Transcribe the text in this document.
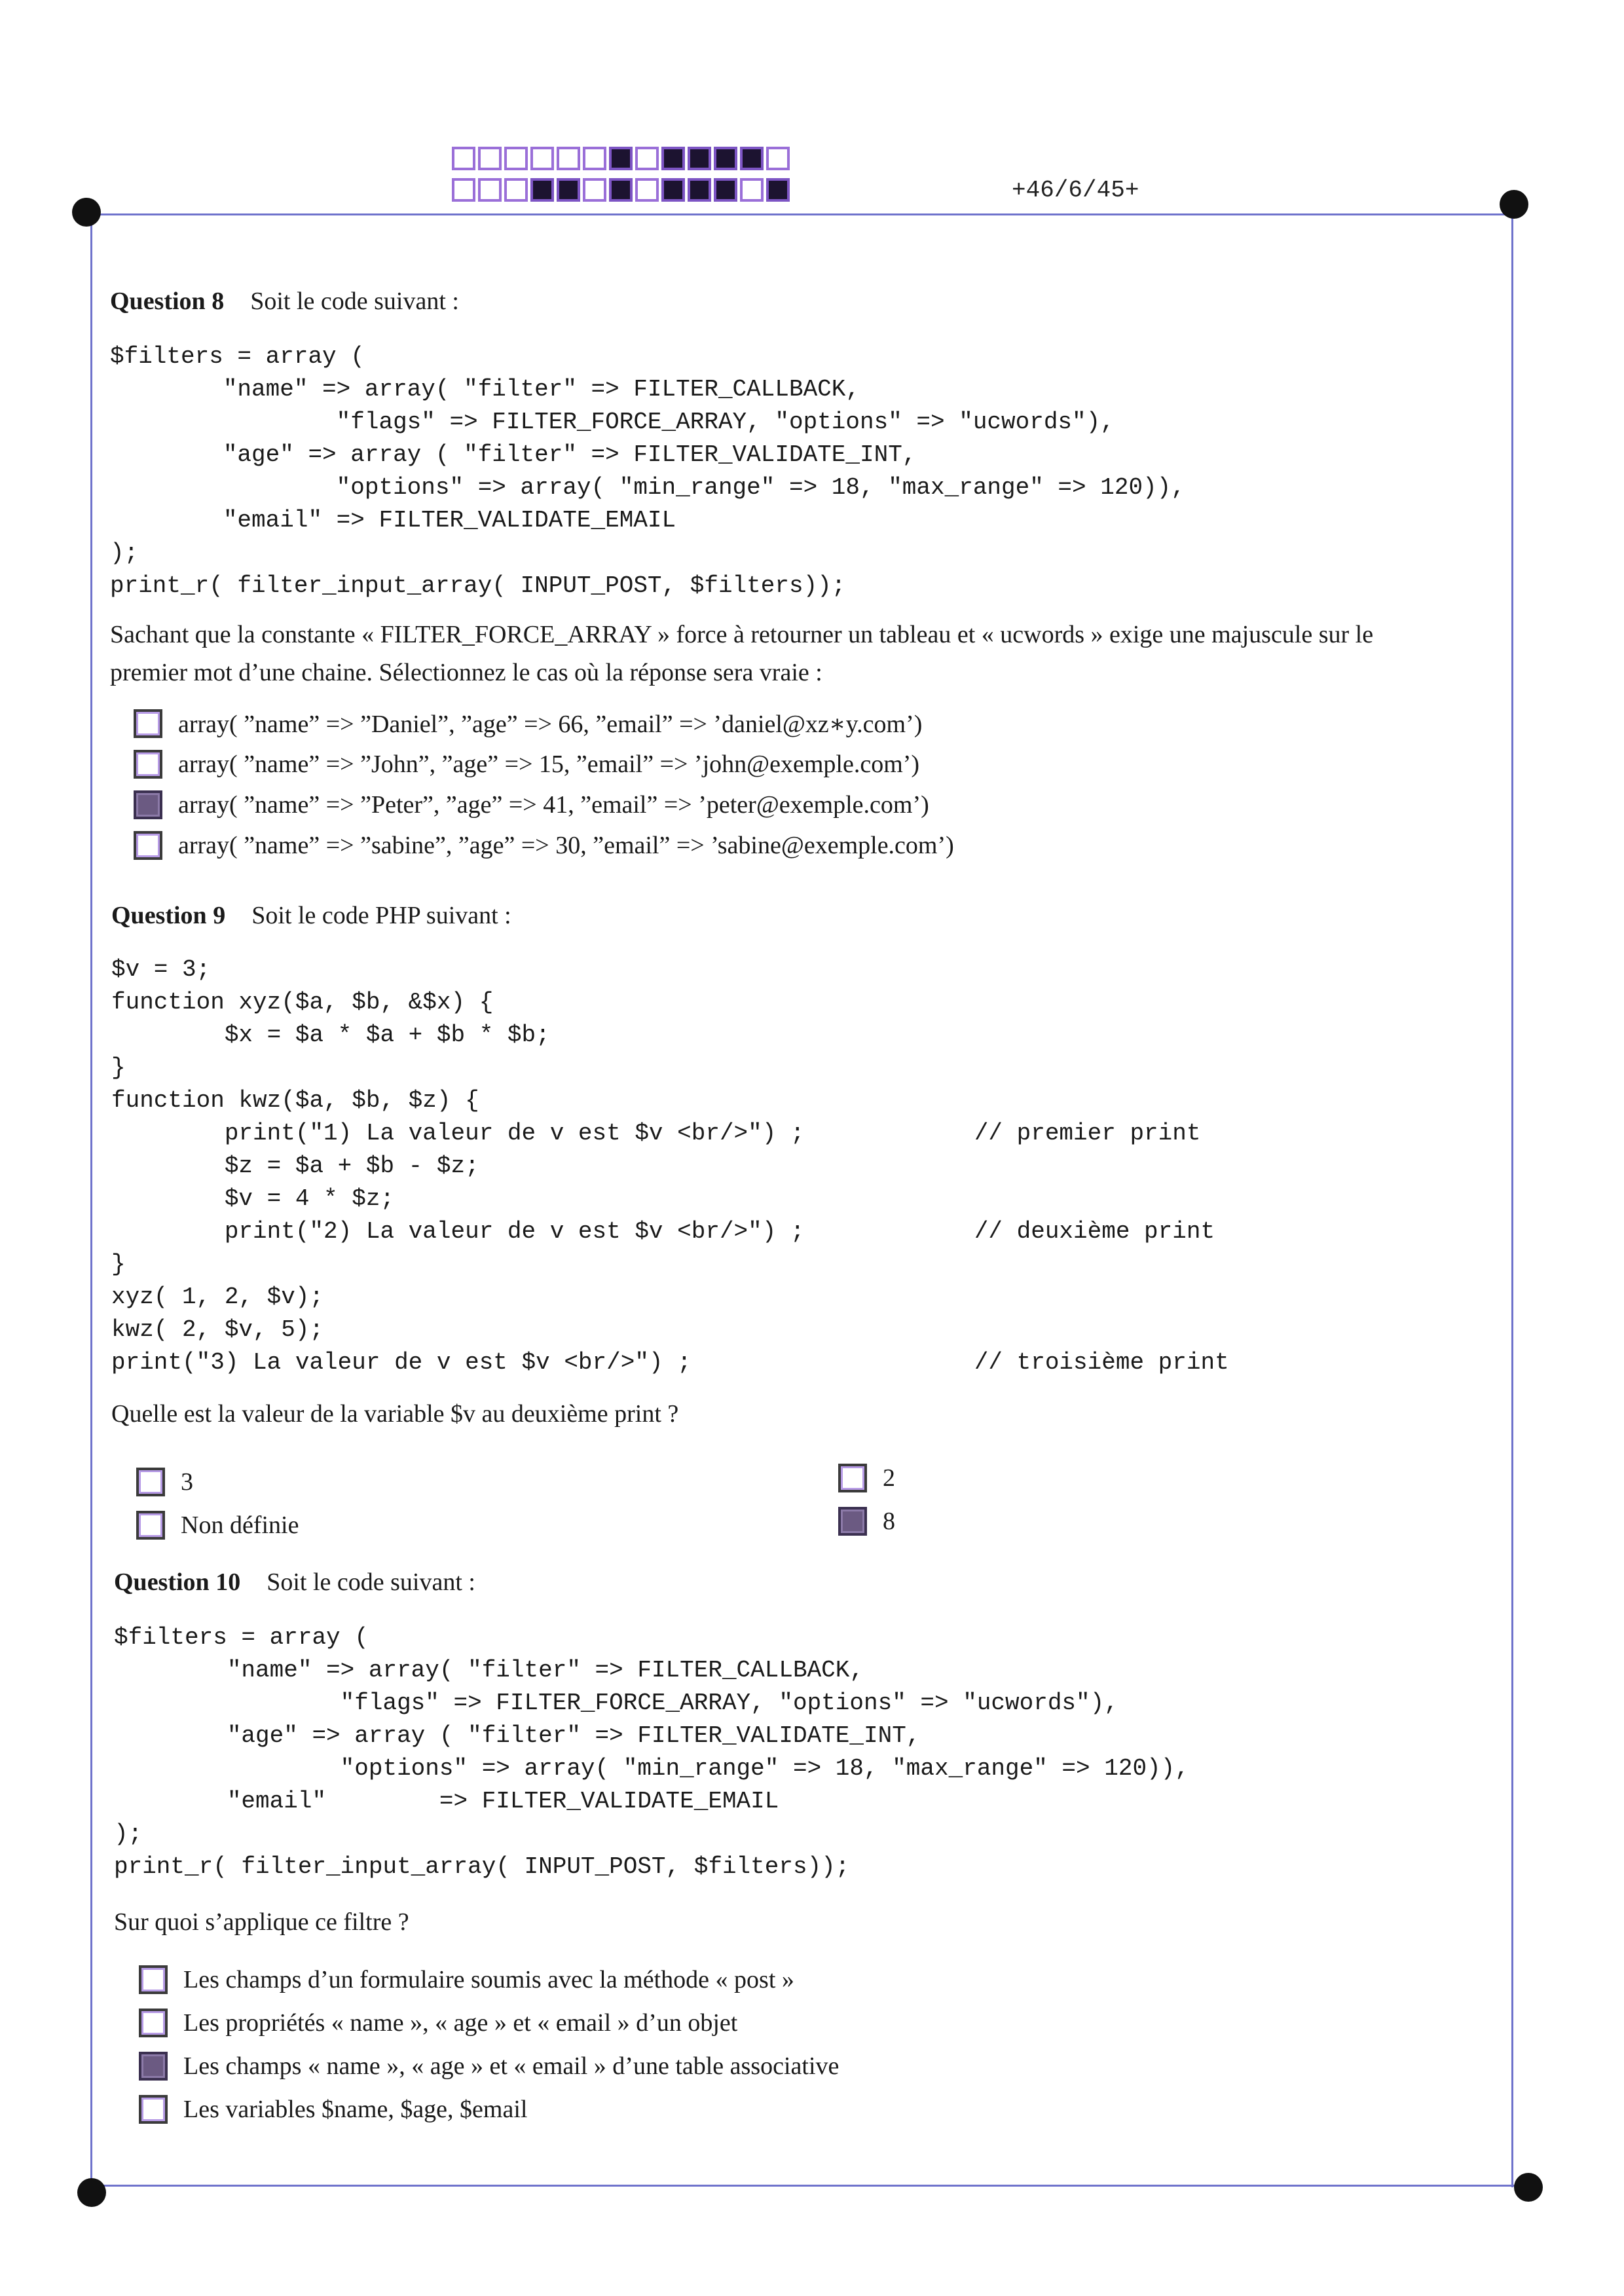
+46/6/45+
Question 8 Soit le code suivant :
$filters = array (
"name" => array( "filter" => FILTER_CALLBACK,
"flags" => FILTER_FORCE_ARRAY, "options" => "ucwords"),
"age" => array ( "filter" => FILTER_VALIDATE_INT,
"options" => array( "min_range" => 18, "max_range" => 120)),
"email" => FILTER_VALIDATE_EMAIL
);
print_r( filter_input_array( INPUT_POST, $filters));
Sachant que la constante « FILTER_FORCE_ARRAY » force à retourner un tableau et « ucwords » exige une majuscule sur le
premier mot d’une chaine. Sélectionnez le cas où la réponse sera vraie :
array( ”name” => ”Daniel”, ”age” => 66, ”email” => ’daniel@xz∗y.com’)
array( ”name” => ”John”, ”age” => 15, ”email” => ’john@exemple.com’)
array( ”name” => ”Peter”, ”age” => 41, ”email” => ’peter@exemple.com’)
array( ”name” => ”sabine”, ”age” => 30, ”email” => ’sabine@exemple.com’)
Question 9 Soit le code PHP suivant :
$v = 3;
function xyz($a, $b, &$x) {
$x = $a * $a + $b * $b;
}
function kwz($a, $b, $z) {
print("1) La valeur de v est $v <br/>") ;            // premier print
$z = $a + $b - $z;
$v = 4 * $z;
print("2) La valeur de v est $v <br/>") ;            // deuxième print
}
xyz( 1, 2, $v);
kwz( 2, $v, 5);
print("3) La valeur de v est $v <br/>") ;                    // troisième print
Quelle est la valeur de la variable $v au deuxième print ?
3
Non définie
2
8
Question 10 Soit le code suivant :
$filters = array (
"name" => array( "filter" => FILTER_CALLBACK,
"flags" => FILTER_FORCE_ARRAY, "options" => "ucwords"),
"age" => array ( "filter" => FILTER_VALIDATE_INT,
"options" => array( "min_range" => 18, "max_range" => 120)),
"email"        => FILTER_VALIDATE_EMAIL
);
print_r( filter_input_array( INPUT_POST, $filters));
Sur quoi s’applique ce filtre ?
Les champs d’un formulaire soumis avec la méthode « post »
Les propriétés « name », « age » et « email » d’un objet
Les champs « name », « age » et « email » d’une table associative
Les variables $name, $age, $email
